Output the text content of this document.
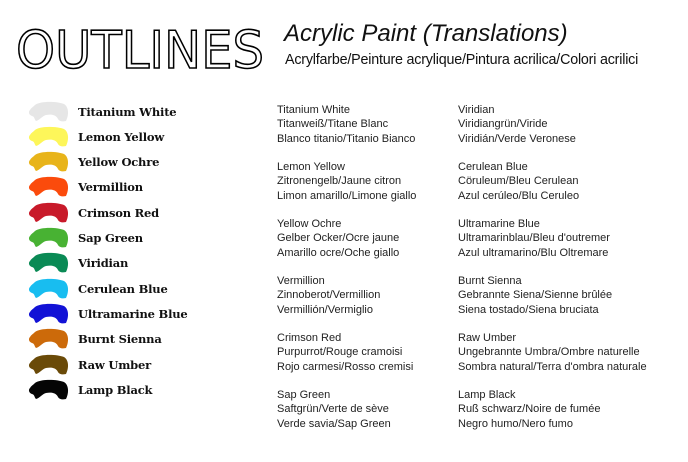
OUTLINES Acrylic Paint (Translations)
Acrylfarbe/Peinture acrylique/Pintura acrilica/Colori acrilici
Titanium White
Lemon Yellow
Yellow Ochre
Vermillion
Crimson Red
Sap Green
Viridian
Cerulean Blue
Ultramarine Blue
Burnt Sienna
Raw Umber
Lamp Black
Titanium White
Titanweiß/Titane Blanc
Blanco titanio/Titanio Bianco
Lemon Yellow
Zitronengelb/Jaune citron
Limon amarillo/Limone giallo
Yellow Ochre
Gelber Ocker/Ocre jaune
Amarillo ocre/Oche giallo
Vermillion
Zinnoberot/Vermillion
Vermillión/Vermiglio
Crimson Red
Purpurrot/Rouge cramoisi
Rojo carmesi/Rosso cremisi
Sap Green
Saftgrün/Verte de sève
Verde savia/Sap Green
Viridian
Viridiangrün/Viride
Viridián/Verde Veronese
Cerulean Blue
Cöruleum/Bleu Cerulean
Azul cerúleo/Blu Ceruleo
Ultramarine Blue
Ultramarinblau/Bleu d'outremer
Azul ultramarino/Blu Oltremare
Burnt Sienna
Gebrannte Siena/Sienne brûlée
Siena tostado/Siena bruciata
Raw Umber
Ungebrannte Umbra/Ombre naturelle
Sombra natural/Terra d'ombra naturale
Lamp Black
Ruß schwarz/Noire de fumée
Negro humo/Nero fumo
